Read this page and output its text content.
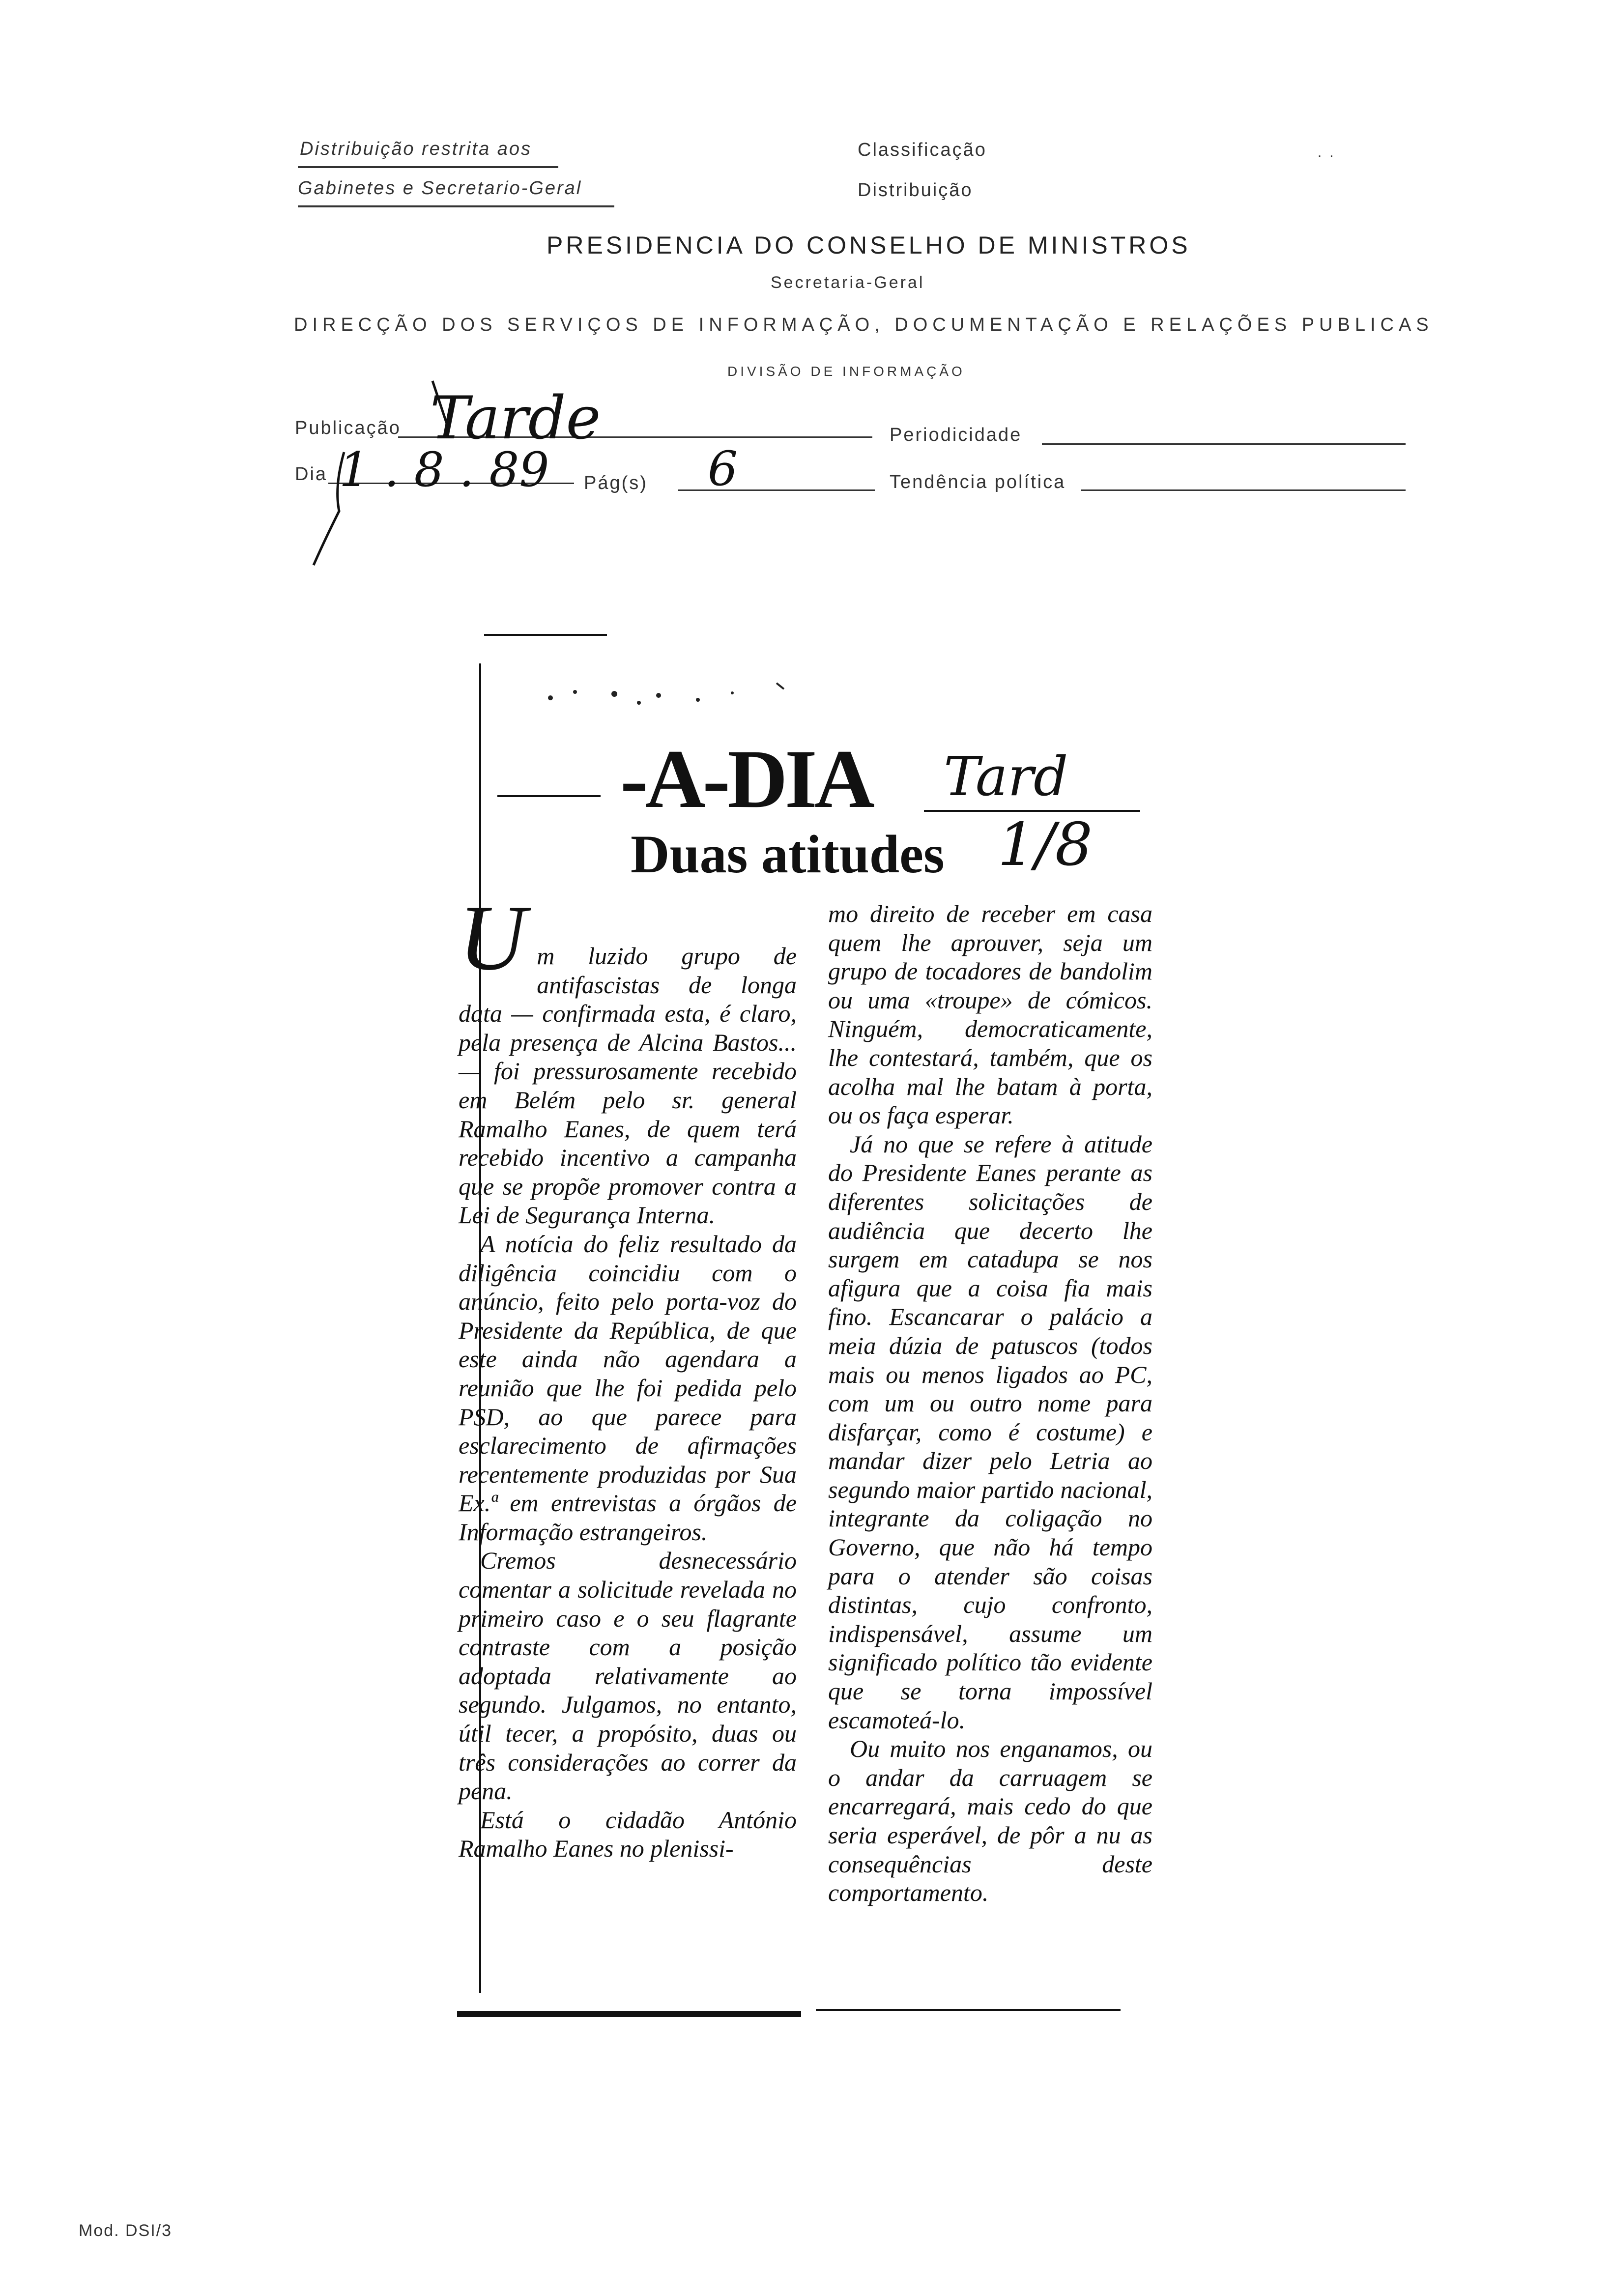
Distribuição restrita aos
Gabinetes e Secretario-Geral
Classificação
Distribuição
· ·
PRESIDENCIA DO CONSELHO DE MINISTROS
Secretaria-Geral
DIRECÇÃO DOS SERVIÇOS DE INFORMAÇÃO, DOCUMENTAÇÃO E RELAÇÕES PUBLICAS
DIVISÃO DE INFORMAÇÃO
Publicação Tarde	Periodicidade
Dia 1 . 8 . 89 Pág(s) 6	Tendência política
-A-DIA Tard
Duas atitudes 1/8
U m luzido grupo de antifascistas de longa data — confirmada esta, é claro, pela presença de Alcina Bastos... — foi pressurosamente recebido em Belém pelo sr. general Ramalho Eanes, de quem terá recebido incentivo a campanha que se propõe promover contra a Lei de Segurança Interna.

A notícia do feliz resultado da diligência coincidiu com o anúncio, feito pelo porta-voz do Presidente da República, de que este ainda não agendara a reunião que lhe foi pedida pelo PSD, ao que parece para esclarecimento de afirmações recentemente produzidas por Sua Ex.ª em entrevistas a órgãos de Informação estrangeiros.

Cremos desnecessário comentar a solicitude revelada no primeiro caso e o seu flagrante contraste com a posição adoptada relativamente ao segundo. Julgamos, no entanto, útil tecer, a propósito, duas ou três considerações ao correr da pena.

Está o cidadão António Ramalho Eanes no plenissi-

mo direito de receber em casa quem lhe aprouver, seja um grupo de tocadores de bandolim ou uma «troupe» de cómicos. Ninguém, democraticamente, lhe contestará, também, que os acolha mal lhe batam à porta, ou os faça esperar.

Já no que se refere à atitude do Presidente Eanes perante as diferentes solicitações de audiência que decerto lhe surgem em catadupa se nos afigura que a coisa fia mais fino. Escancarar o palácio a meia dúzia de patuscos (todos mais ou menos ligados ao PC, com um ou outro nome para disfarçar, como é costume) e mandar dizer pelo Letria ao segundo maior partido nacional, integrante da coligação no Governo, que não há tempo para o atender são coisas distintas, cujo confronto, indispensável, assume um significado político tão evidente que se torna impossível escamoteá-lo.

Ou muito nos enganamos, ou o andar da carruagem se encarregará, mais cedo do que seria esperável, de pôr a nu as consequências deste comportamento.

Mod. DSI/3
